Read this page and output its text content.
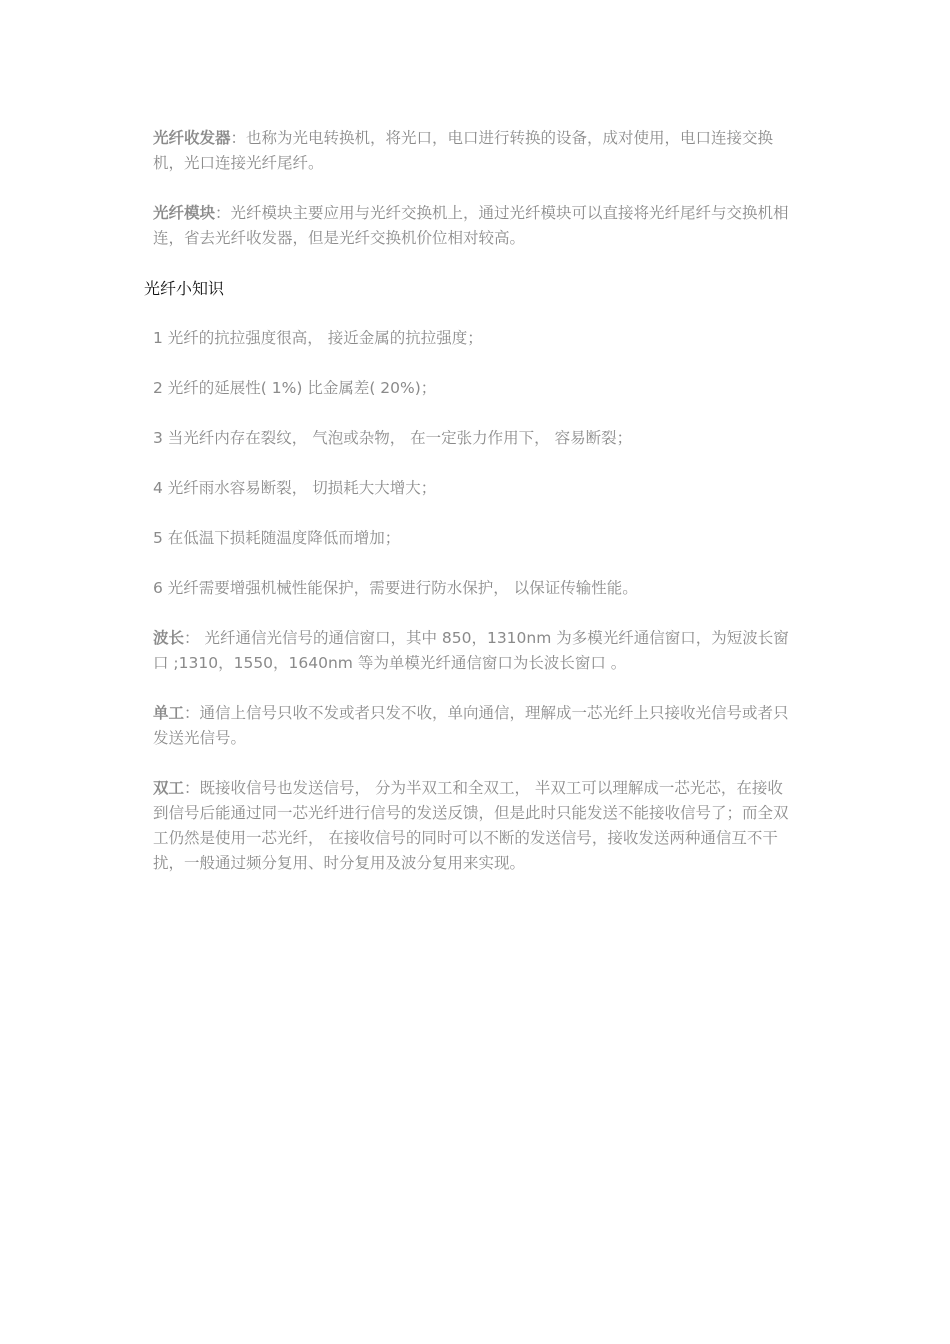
光纤收发器：也称为光电转换机，将光口，电口进行转换的设备，成对使用，电口连接交换机，光口连接光纤尾纤。

光纤模块：光纤模块主要应用与光纤交换机上，通过光纤模块可以直接将光纤尾纤与交换机相连，省去光纤收发器，但是光纤交换机价位相对较高。

光纤小知识

1 光纤的抗拉强度很高， 接近金属的抗拉强度；

2 光纤的延展性( 1%) 比金属差( 20%)；

3 当光纤内存在裂纹， 气泡或杂物， 在一定张力作用下， 容易断裂；

4 光纤雨水容易断裂， 切损耗大大增大；

5 在低温下损耗随温度降低而增加；

6 光纤需要增强机械性能保护，需要进行防水保护， 以保证传输性能。

波长： 光纤通信光信号的通信窗口，其中 850，1310nm 为多模光纤通信窗口，为短波长窗口 ;1310，1550，1640nm 等为单模光纤通信窗口为长波长窗口 。

单工：通信上信号只收不发或者只发不收，单向通信，理解成一芯光纤上只接收光信号或者只发送光信号。

双工：既接收信号也发送信号， 分为半双工和全双工， 半双工可以理解成一芯光芯，在接收到信号后能通过同一芯光纤进行信号的发送反馈，但是此时只能发送不能接收信号了；而全双工仍然是使用一芯光纤， 在接收信号的同时可以不断的发送信号，接收发送两种通信互不干扰，一般通过频分复用、时分复用及波分复用来实现。
